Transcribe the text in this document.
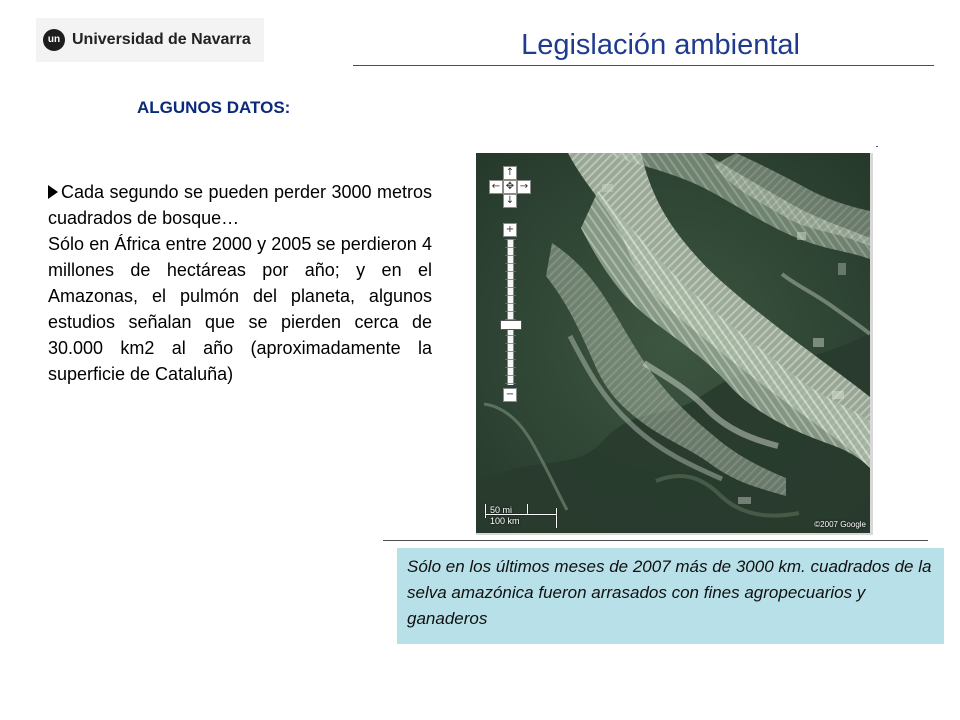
un Universidad de Navarra	Legislación ambiental
ALGUNOS DATOS:

Cada segundo se pueden perder 3000 metros cuadrados de bosque…

Sólo en África entre 2000 y 2005 se perdieron 4 millones de hectáreas por año; y en el Amazonas, el pulmón del planeta, algunos estudios señalan que se pierden cerca de 30.000 km2 al año (aproximadamente la superficie de Cataluña)

↑
← ✥ →
↓
+
−
50 mi
100 km	©2007 Google
Sólo en los últimos meses de 2007 más de 3000 km. cuadrados de la selva amazónica fueron arrasados con fines agropecuarios y ganaderos
